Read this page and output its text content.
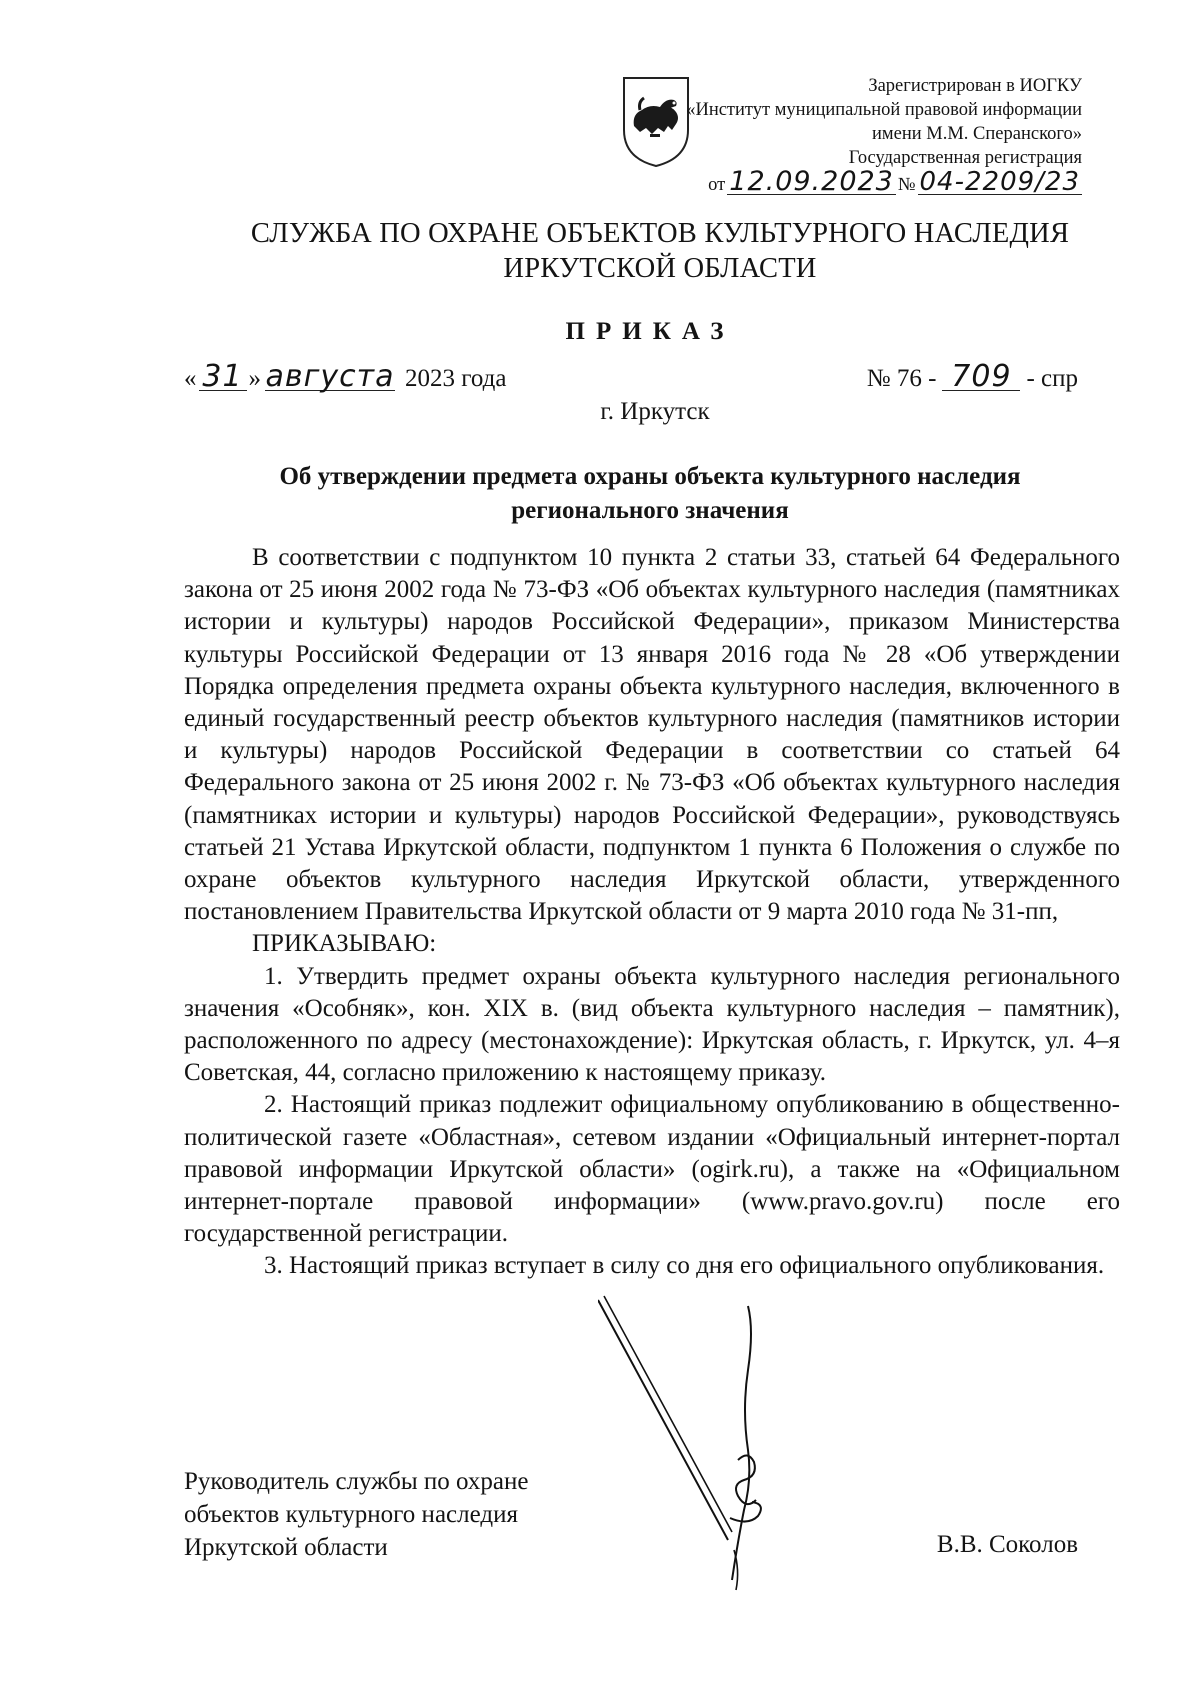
Зарегистрирован в ИОГКУ
«Институт муниципальной правовой информации
имени М.М. Сперанского»
Государственная регистрация
от 12.09.2023 № 04-2209/23
СЛУЖБА ПО ОХРАНЕ ОБЪЕКТОВ КУЛЬТУРНОГО НАСЛЕДИЯ
ИРКУТСКОЙ ОБЛАСТИ
ПРИКАЗ
« 31 » августа 2023 года	№ 76 - 709 - спр
г. Иркутск
Об утверждении предмета охраны объекта культурного наследия
регионального значения

В соответствии с подпунктом 10 пункта 2 статьи 33, статьей 64 Федерального закона от 25 июня 2002 года № 73-ФЗ «Об объектах культурного наследия (памятниках истории и культуры) народов Российской Федерации», приказом Министерства культуры Российской Федерации от 13 января 2016 года № 28 «Об утверждении Порядка определения предмета охраны объекта культурного наследия, включенного в единый государственный реестр объектов культурного наследия (памятников истории и культуры) народов Российской Федерации в соответствии со статьей 64 Федерального закона от 25 июня 2002 г. № 73-ФЗ «Об объектах культурного наследия (памятниках истории и культуры) народов Российской Федерации», руководствуясь статьей 21 Устава Иркутской области, подпунктом 1 пункта 6 Положения о службе по охране объектов культурного наследия Иркутской области, утвержденного постановлением Правительства Иркутской области от 9 марта 2010 года № 31-пп,

ПРИКАЗЫВАЮ:

1. Утвердить предмет охраны объекта культурного наследия регионального значения «Особняк», кон. XIX в. (вид объекта культурного наследия – памятник), расположенного по адресу (местонахождение): Иркутская область, г. Иркутск, ул. 4–я Советская, 44, согласно приложению к настоящему приказу.

2. Настоящий приказ подлежит официальному опубликованию в общественно-политической газете «Областная», сетевом издании «Официальный интернет-портал правовой информации Иркутской области» (ogirk.ru), а также на «Официальном интернет-портале правовой информации» (www.pravo.gov.ru) после его государственной регистрации.

3. Настоящий приказ вступает в силу со дня его официального опубликования.

Руководитель службы по охране
объектов культурного наследия
Иркутской области	В.В. Соколов
